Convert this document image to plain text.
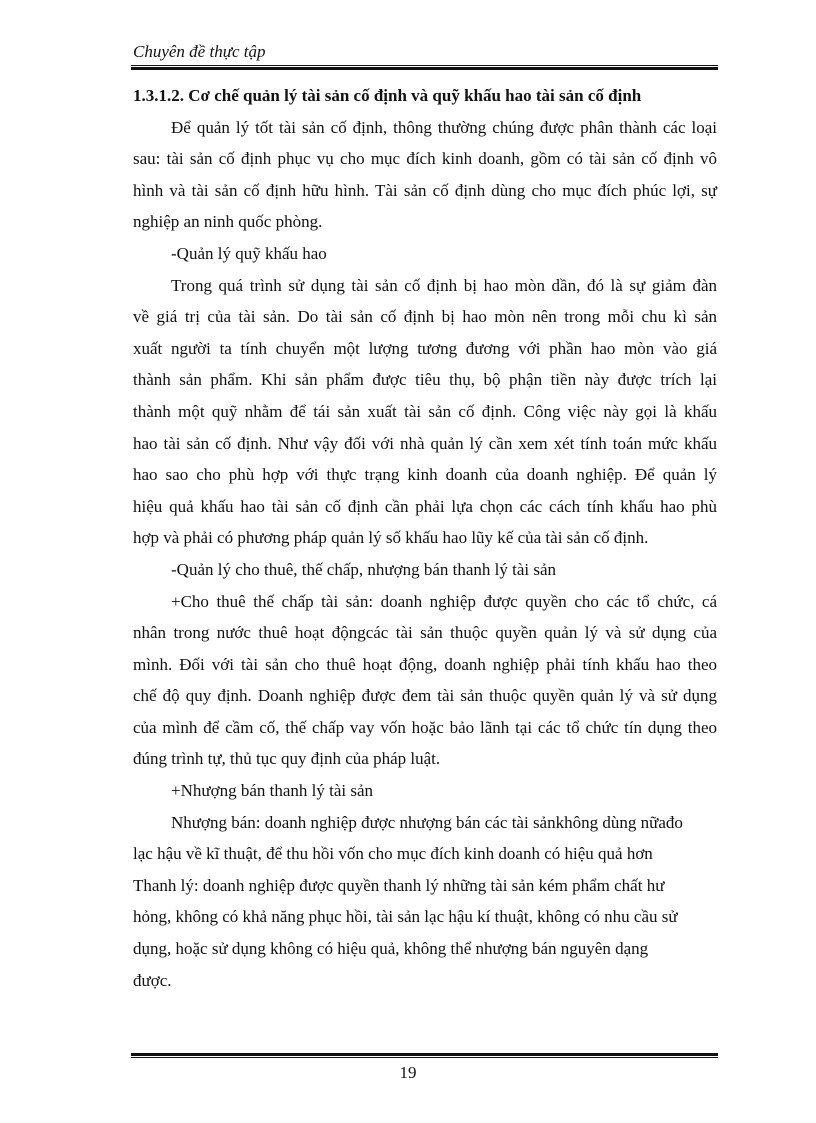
Chuyên đề thực tập
1.3.1.2. Cơ chế quản lý tài sản cố định và quỹ khấu hao tài sản cố định
Để quản lý tốt tài sản cố định, thông thường chúng được phân thành các loại
sau: tài sản cố định phục vụ cho mục đích kinh doanh, gồm có tài sản cố định vô
hình và tài sản cố định hữu hình. Tài sản cố định dùng cho mục đích phúc lợi, sự
nghiệp an ninh quốc phòng.
-Quản lý quỹ khấu hao
Trong quá trình sử dụng tài sản cố định bị hao mòn dần, đó là sự giảm đàn
về giá trị của tài sản. Do tài sản cố định bị hao mòn nên trong mỗi chu kì sản
xuất người ta tính chuyển một lượng tương đương với phần hao mòn vào giá
thành sản phẩm. Khi sản phẩm được tiêu thụ, bộ phận tiền này được trích lại
thành một quỹ nhằm để tái sản xuất tài sản cố định. Công việc này gọi là khấu
hao tài sản cố định. Như vậy đối với nhà quản lý cần xem xét tính toán mức khấu
hao sao cho phù hợp với thực trạng kinh doanh của doanh nghiệp. Để quản lý
hiệu quả khấu hao tài sản cố định cần phải lựa chọn các cách tính khấu hao phù
hợp và phải có phương pháp quản lý số khấu hao lũy kế của tài sản cố định.
-Quản lý cho thuê, thế chấp, nhượng bán thanh lý tài sản
+Cho thuê thế chấp tài sản: doanh nghiệp được quyền cho các tổ chức, cá
nhân trong nước thuê hoạt độngcác tài sản thuộc quyền quản lý và sử dụng của
mình. Đối với tài sản cho thuê hoạt động, doanh nghiệp phải tính khấu hao theo
chế độ quy định. Doanh nghiệp được đem tài sản thuộc quyền quản lý và sử dụng
của mình để cầm cố, thế chấp vay vốn hoặc bảo lãnh tại các tổ chức tín dụng theo
đúng trình tự, thủ tục quy định của pháp luật.
+Nhượng bán thanh lý tài sản
Nhượng bán: doanh nghiệp được nhượng bán các tài sảnkhông dùng nữađo
lạc hậu về kĩ thuật, để thu hồi vốn cho mục đích kinh doanh có hiệu quả hơn
Thanh lý: doanh nghiệp được quyền thanh lý những tài sản kém phẩm chất hư
hỏng, không có khả năng phục hồi, tài sản lạc hậu kí thuật, không có nhu cầu sử
dụng, hoặc sử dụng không có hiệu quả, không thể nhượng bán nguyên dạng
được.
19
